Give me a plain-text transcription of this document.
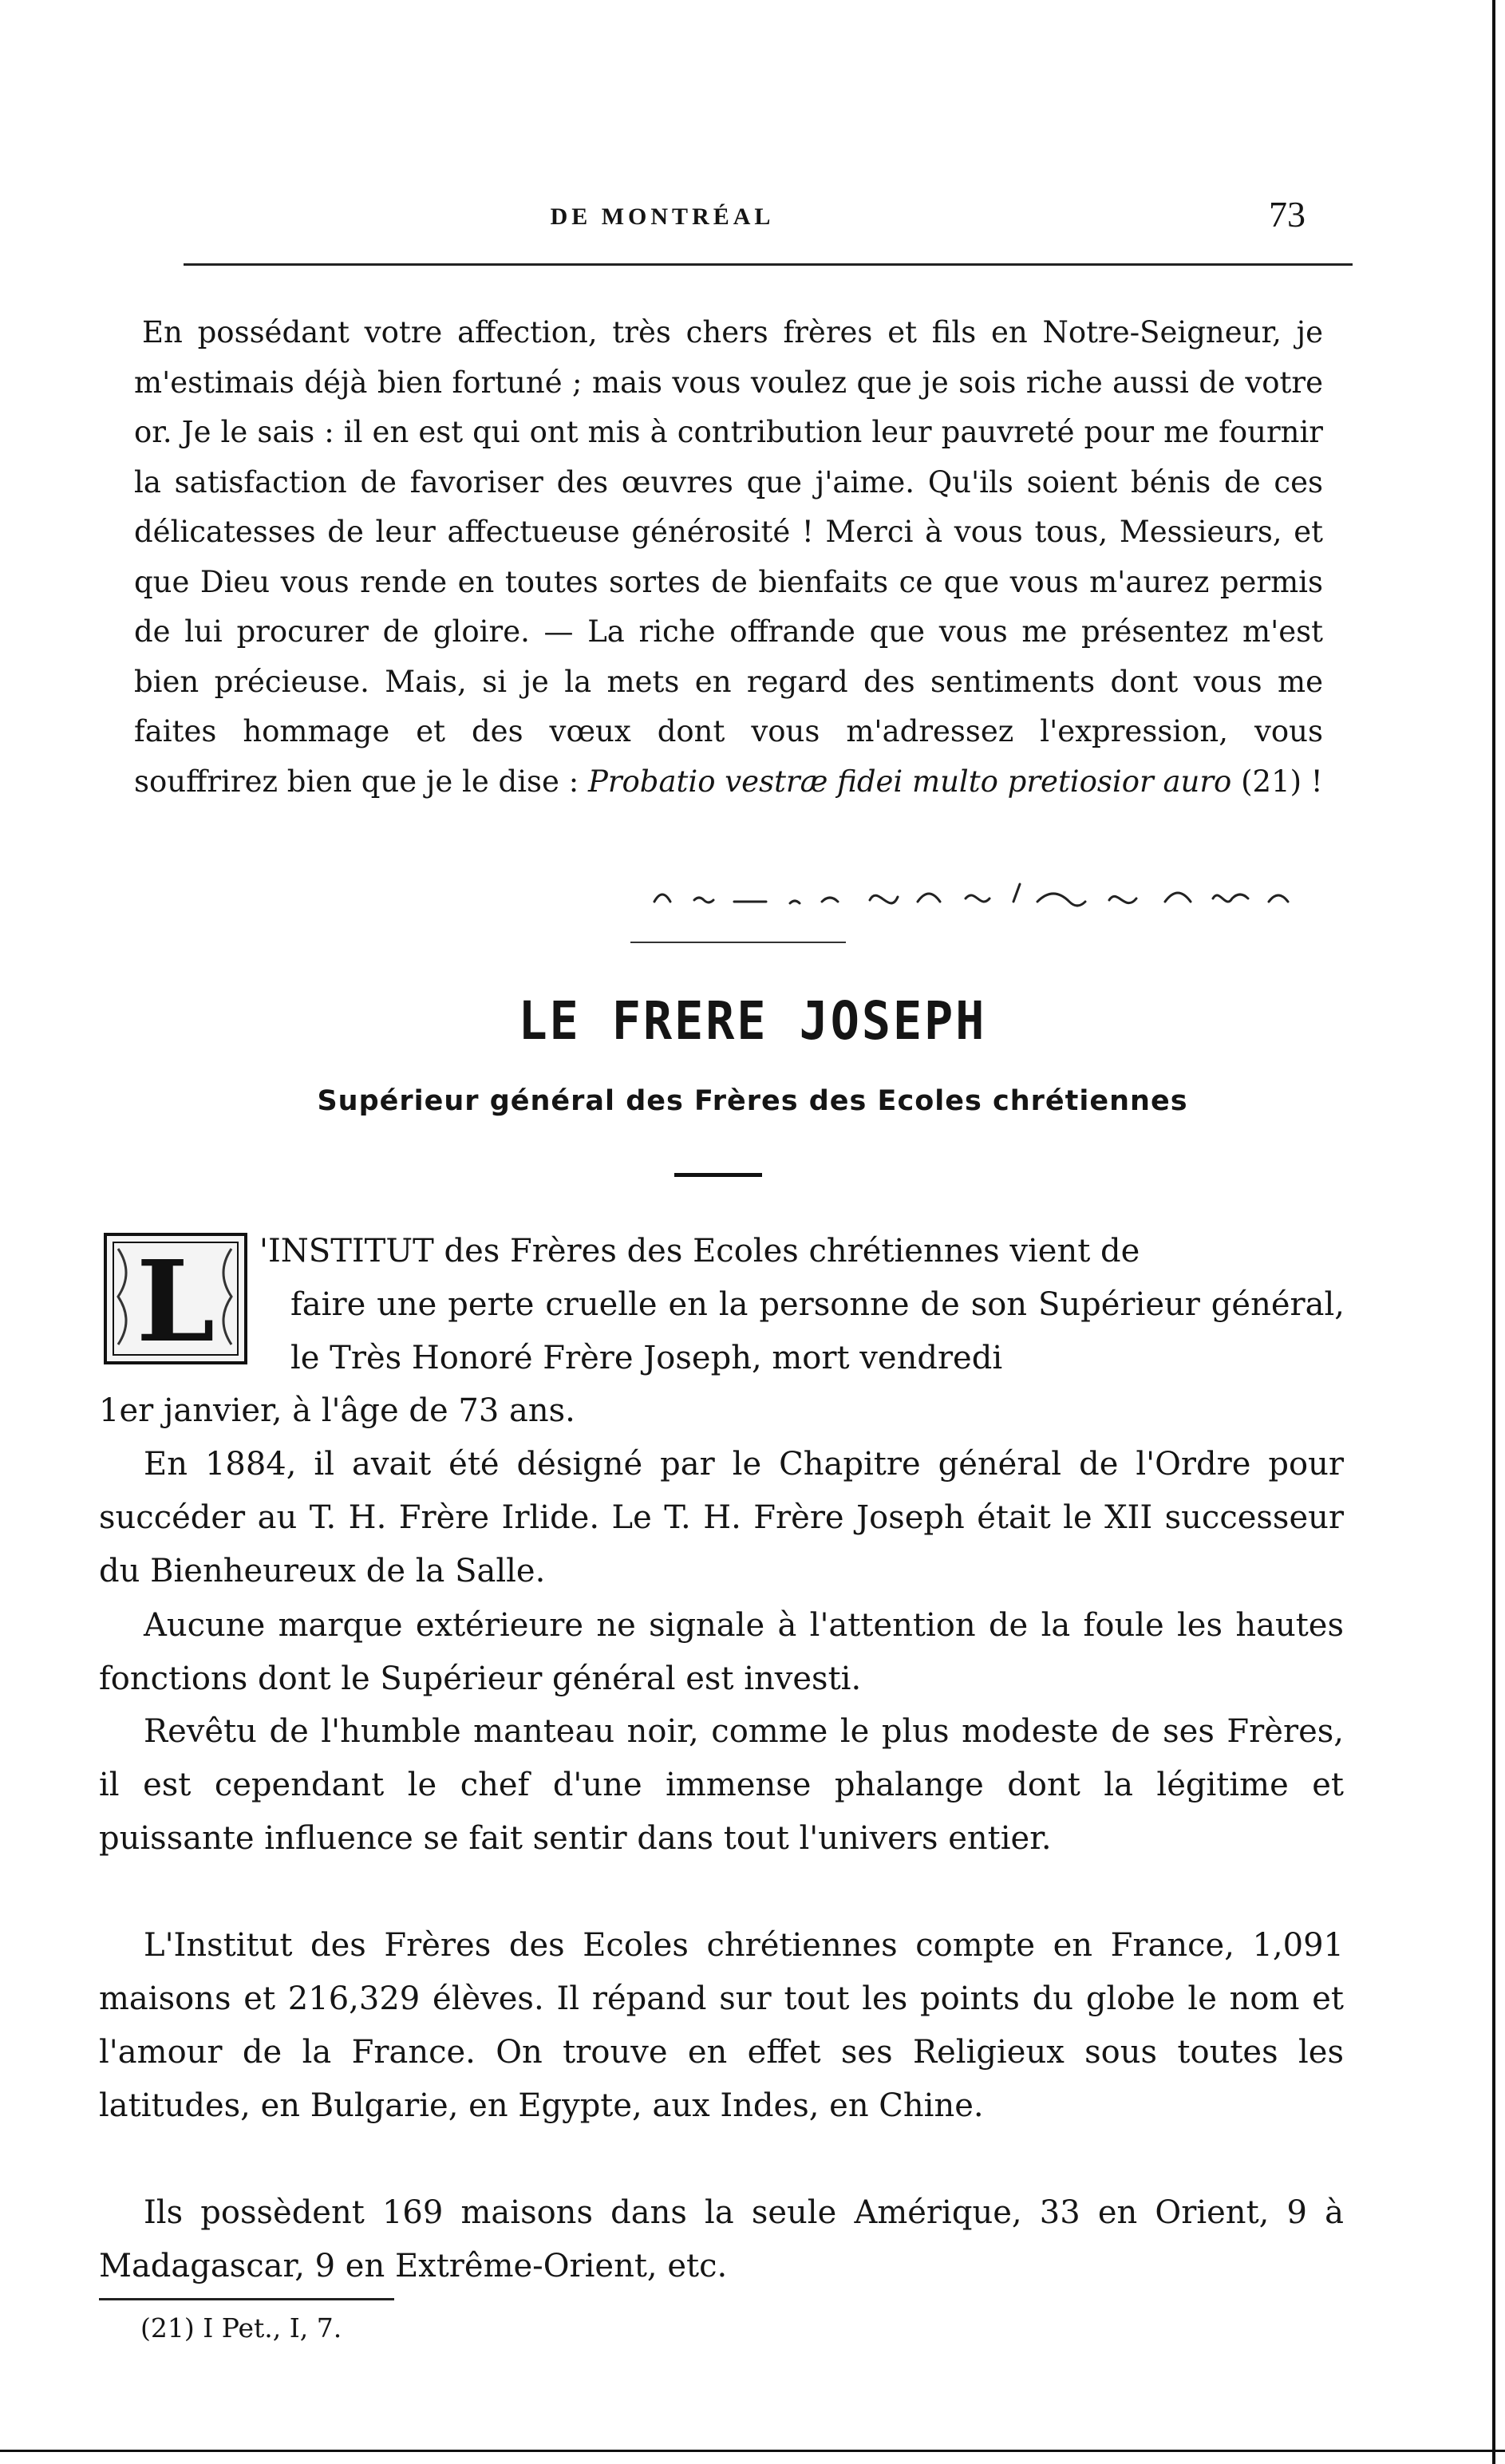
DE MONTRÉAL	73

En possédant votre affection, très chers frères et fils en Notre-Seigneur, je m'estimais déjà bien fortuné ; mais vous voulez que je sois riche aussi de votre or. Je le sais : il en est qui ont mis à contribution leur pauvreté pour me fournir la satisfaction de favoriser des œuvres que j'aime. Qu'ils soient bénis de ces délicatesses de leur affectueuse générosité ! Merci à vous tous, Messieurs, et que Dieu vous rende en toutes sortes de bienfaits ce que vous m'aurez permis de lui procurer de gloire. — La riche offrande que vous me présentez m'est bien précieuse. Mais, si je la mets en regard des sentiments dont vous me faites hommage et des vœux dont vous m'adressez l'expression, vous souffrirez bien que je le dise : Probatio vestræ fidei multo pretiosior auro (21) !

LE FRERE JOSEPH
Supérieur général des Frères des Ecoles chrétiennes
L 'INSTITUT des Frères des Ecoles chrétiennes vient de

faire une perte cruelle en la personne de son Supérieur général, le Très Honoré Frère Joseph, mort vendredi

1er janvier, à l'âge de 73 ans.

En 1884, il avait été désigné par le Chapitre général de l'Ordre pour succéder au T. H. Frère Irlide. Le T. H. Frère Joseph était le XII successeur du Bienheureux de la Salle.

Aucune marque extérieure ne signale à l'attention de la foule les hautes fonctions dont le Supérieur général est investi.

Revêtu de l'humble manteau noir, comme le plus modeste de ses Frères, il est cependant le chef d'une immense phalange dont la légitime et puissante influence se fait sentir dans tout l'univers entier.

L'Institut des Frères des Ecoles chrétiennes compte en France, 1,091 maisons et 216,329 élèves. Il répand sur tout les points du globe le nom et l'amour de la France. On trouve en effet ses Religieux sous toutes les latitudes, en Bulgarie, en Egypte, aux Indes, en Chine.

Ils possèdent 169 maisons dans la seule Amérique, 33 en Orient, 9 à Madagascar, 9 en Extrême-Orient, etc.

(21) I Pet., I, 7.
